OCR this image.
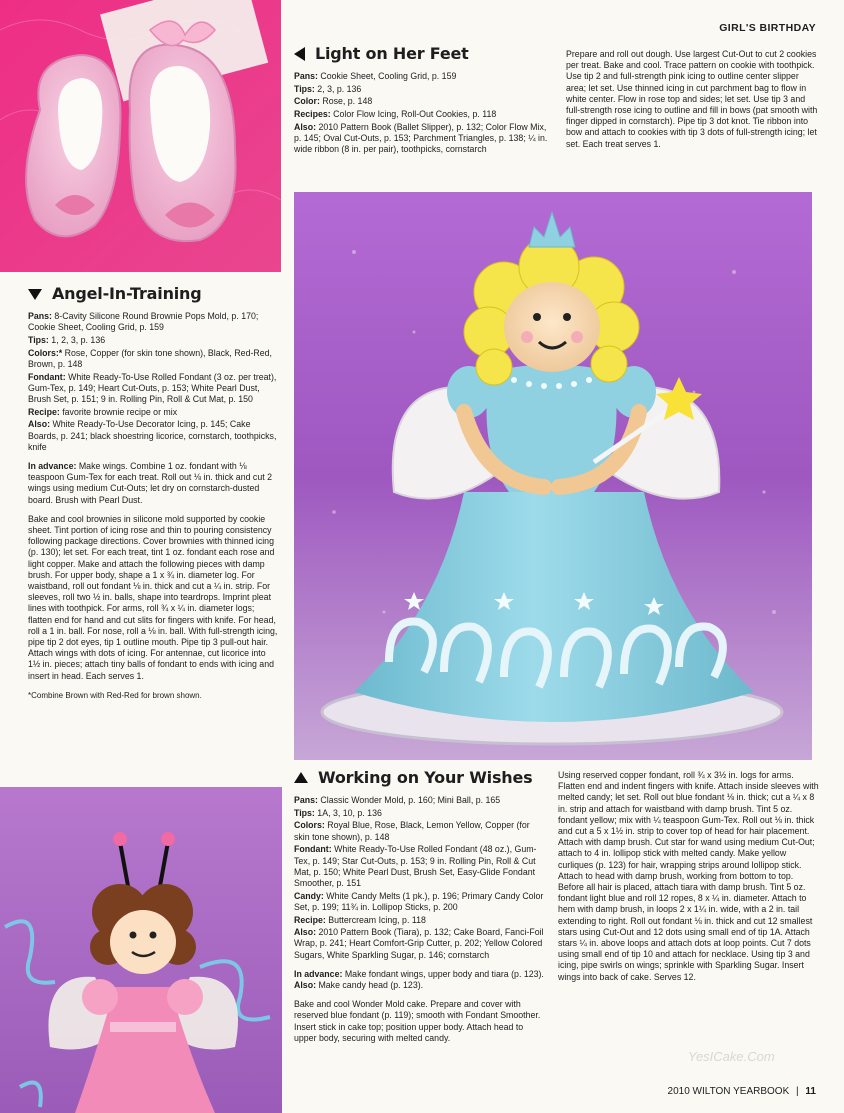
GIRL'S BIRTHDAY
Light on Her Feet
Pans: Cookie Sheet, Cooling Grid, p. 159
Tips: 2, 3, p. 136
Color: Rose, p. 148
Recipes: Color Flow Icing, Roll-Out Cookies, p. 118
Also: 2010 Pattern Book (Ballet Slipper), p. 132; Color Flow Mix, p. 145; Oval Cut-Outs, p. 153; Parchment Triangles, p. 138; ¼ in. wide ribbon (8 in. per pair), toothpicks, cornstarch
Prepare and roll out dough. Use largest Cut-Out to cut 2 cookies per treat. Bake and cool. Trace pattern on cookie with toothpick. Use tip 2 and full-strength pink icing to outline center slipper area; let set. Use thinned icing in cut parchment bag to flow in white center. Flow in rose top and sides; let set. Use tip 3 and full-strength rose icing to outline and fill in bows (pat smooth with finger dipped in cornstarch). Pipe tip 3 dot knot. Tie ribbon into bow and attach to cookies with tip 3 dots of full-strength icing; let set. Each treat serves 1.
Angel-In-Training
Pans: 8-Cavity Silicone Round Brownie Pops Mold, p. 170; Cookie Sheet, Cooling Grid, p. 159
Tips: 1, 2, 3, p. 136
Colors:* Rose, Copper (for skin tone shown), Black, Red-Red, Brown, p. 148
Fondant: White Ready-To-Use Rolled Fondant (3 oz. per treat), Gum-Tex, p. 149; Heart Cut-Outs, p. 153; White Pearl Dust, Brush Set, p. 151; 9 in. Rolling Pin, Roll & Cut Mat, p. 150
Recipe: favorite brownie recipe or mix
Also: White Ready-To-Use Decorator Icing, p. 145; Cake Boards, p. 241; black shoestring licorice, cornstarch, toothpicks, knife
In advance: Make wings. Combine 1 oz. fondant with ⅛ teaspoon Gum-Tex for each treat. Roll out ⅛ in. thick and cut 2 wings using medium Cut-Outs; let dry on cornstarch-dusted board. Brush with Pearl Dust.
Bake and cool brownies in silicone mold supported by cookie sheet. Tint portion of icing rose and thin to pouring consistency following package directions. Cover brownies with thinned icing (p. 130); let set. For each treat, tint 1 oz. fondant each rose and light copper. Make and attach the following pieces with damp brush. For upper body, shape a 1 x ¾ in. diameter log. For waistband, roll out fondant ⅛ in. thick and cut a ¼ in. strip. For sleeves, roll two ½ in. balls, shape into teardrops. Imprint pleat lines with toothpick. For arms, roll ¾ x ¼ in. diameter logs; flatten end for hand and cut slits for fingers with knife. For head, roll a 1 in. ball. For nose, roll a ⅛ in. ball. With full-strength icing, pipe tip 2 dot eyes, tip 1 outline mouth. Pipe tip 3 pull-out hair. Attach wings with dots of icing. For antennae, cut licorice into 1½ in. pieces; attach tiny balls of fondant to ends with icing and insert in head. Each serves 1.
*Combine Brown with Red-Red for brown shown.
Working on Your Wishes
Pans: Classic Wonder Mold, p. 160; Mini Ball, p. 165
Tips: 1A, 3, 10, p. 136
Colors: Royal Blue, Rose, Black, Lemon Yellow, Copper (for skin tone shown), p. 148
Fondant: White Ready-To-Use Rolled Fondant (48 oz.), Gum-Tex, p. 149; Star Cut-Outs, p. 153; 9 in. Rolling Pin, Roll & Cut Mat, p. 150; White Pearl Dust, Brush Set, Easy-Glide Fondant Smoother, p. 151
Candy: White Candy Melts (1 pk.), p. 196; Primary Candy Color Set, p. 199; 11¾ in. Lollipop Sticks, p. 200
Recipe: Buttercream Icing, p. 118
Also: 2010 Pattern Book (Tiara), p. 132; Cake Board, Fanci-Foil Wrap, p. 241; Heart Comfort-Grip Cutter, p. 202; Yellow Colored Sugars, White Sparkling Sugar, p. 146; cornstarch
In advance: Make fondant wings, upper body and tiara (p. 123). Also: Make candy head (p. 123).
Bake and cool Wonder Mold cake. Prepare and cover with reserved blue fondant (p. 119); smooth with Fondant Smoother. Insert stick in cake top; position upper body. Attach head to upper body, securing with melted candy.
Using reserved copper fondant, roll ¾ x 3½ in. logs for arms. Flatten end and indent fingers with knife. Attach inside sleeves with melted candy; let set. Roll out blue fondant ⅛ in. thick; cut a ¼ x 8 in. strip and attach for waistband with damp brush. Tint 5 oz. fondant yellow; mix with ¼ teaspoon Gum-Tex. Roll out ⅛ in. thick and cut a 5 x 1½ in. strip to cover top of head for hair placement. Attach with damp brush. Cut star for wand using medium Cut-Out; attach to 4 in. lollipop stick with melted candy. Make yellow curliques (p. 123) for hair, wrapping strips around lollipop stick. Attach to head with damp brush, working from bottom to top. Before all hair is placed, attach tiara with damp brush. Tint 5 oz. fondant light blue and roll 12 ropes, 8 x ¼ in. diameter. Attach to hem with damp brush, in loops 2 x 1¼ in. wide, with a 2 in. tail extending to right. Roll out fondant ⅛ in. thick and cut 12 smallest stars using Cut-Out and 12 dots using small end of tip 1A. Attach stars ¼ in. above loops and attach dots at loop points. Cut 7 dots using small end of tip 10 and attach for necklace. Using tip 3 and icing, pipe swirls on wings; sprinkle with Sparkling Sugar. Insert wings into back of cake. Serves 12.
YesICake.Com
2010 WILTON YEARBOOK | 11
